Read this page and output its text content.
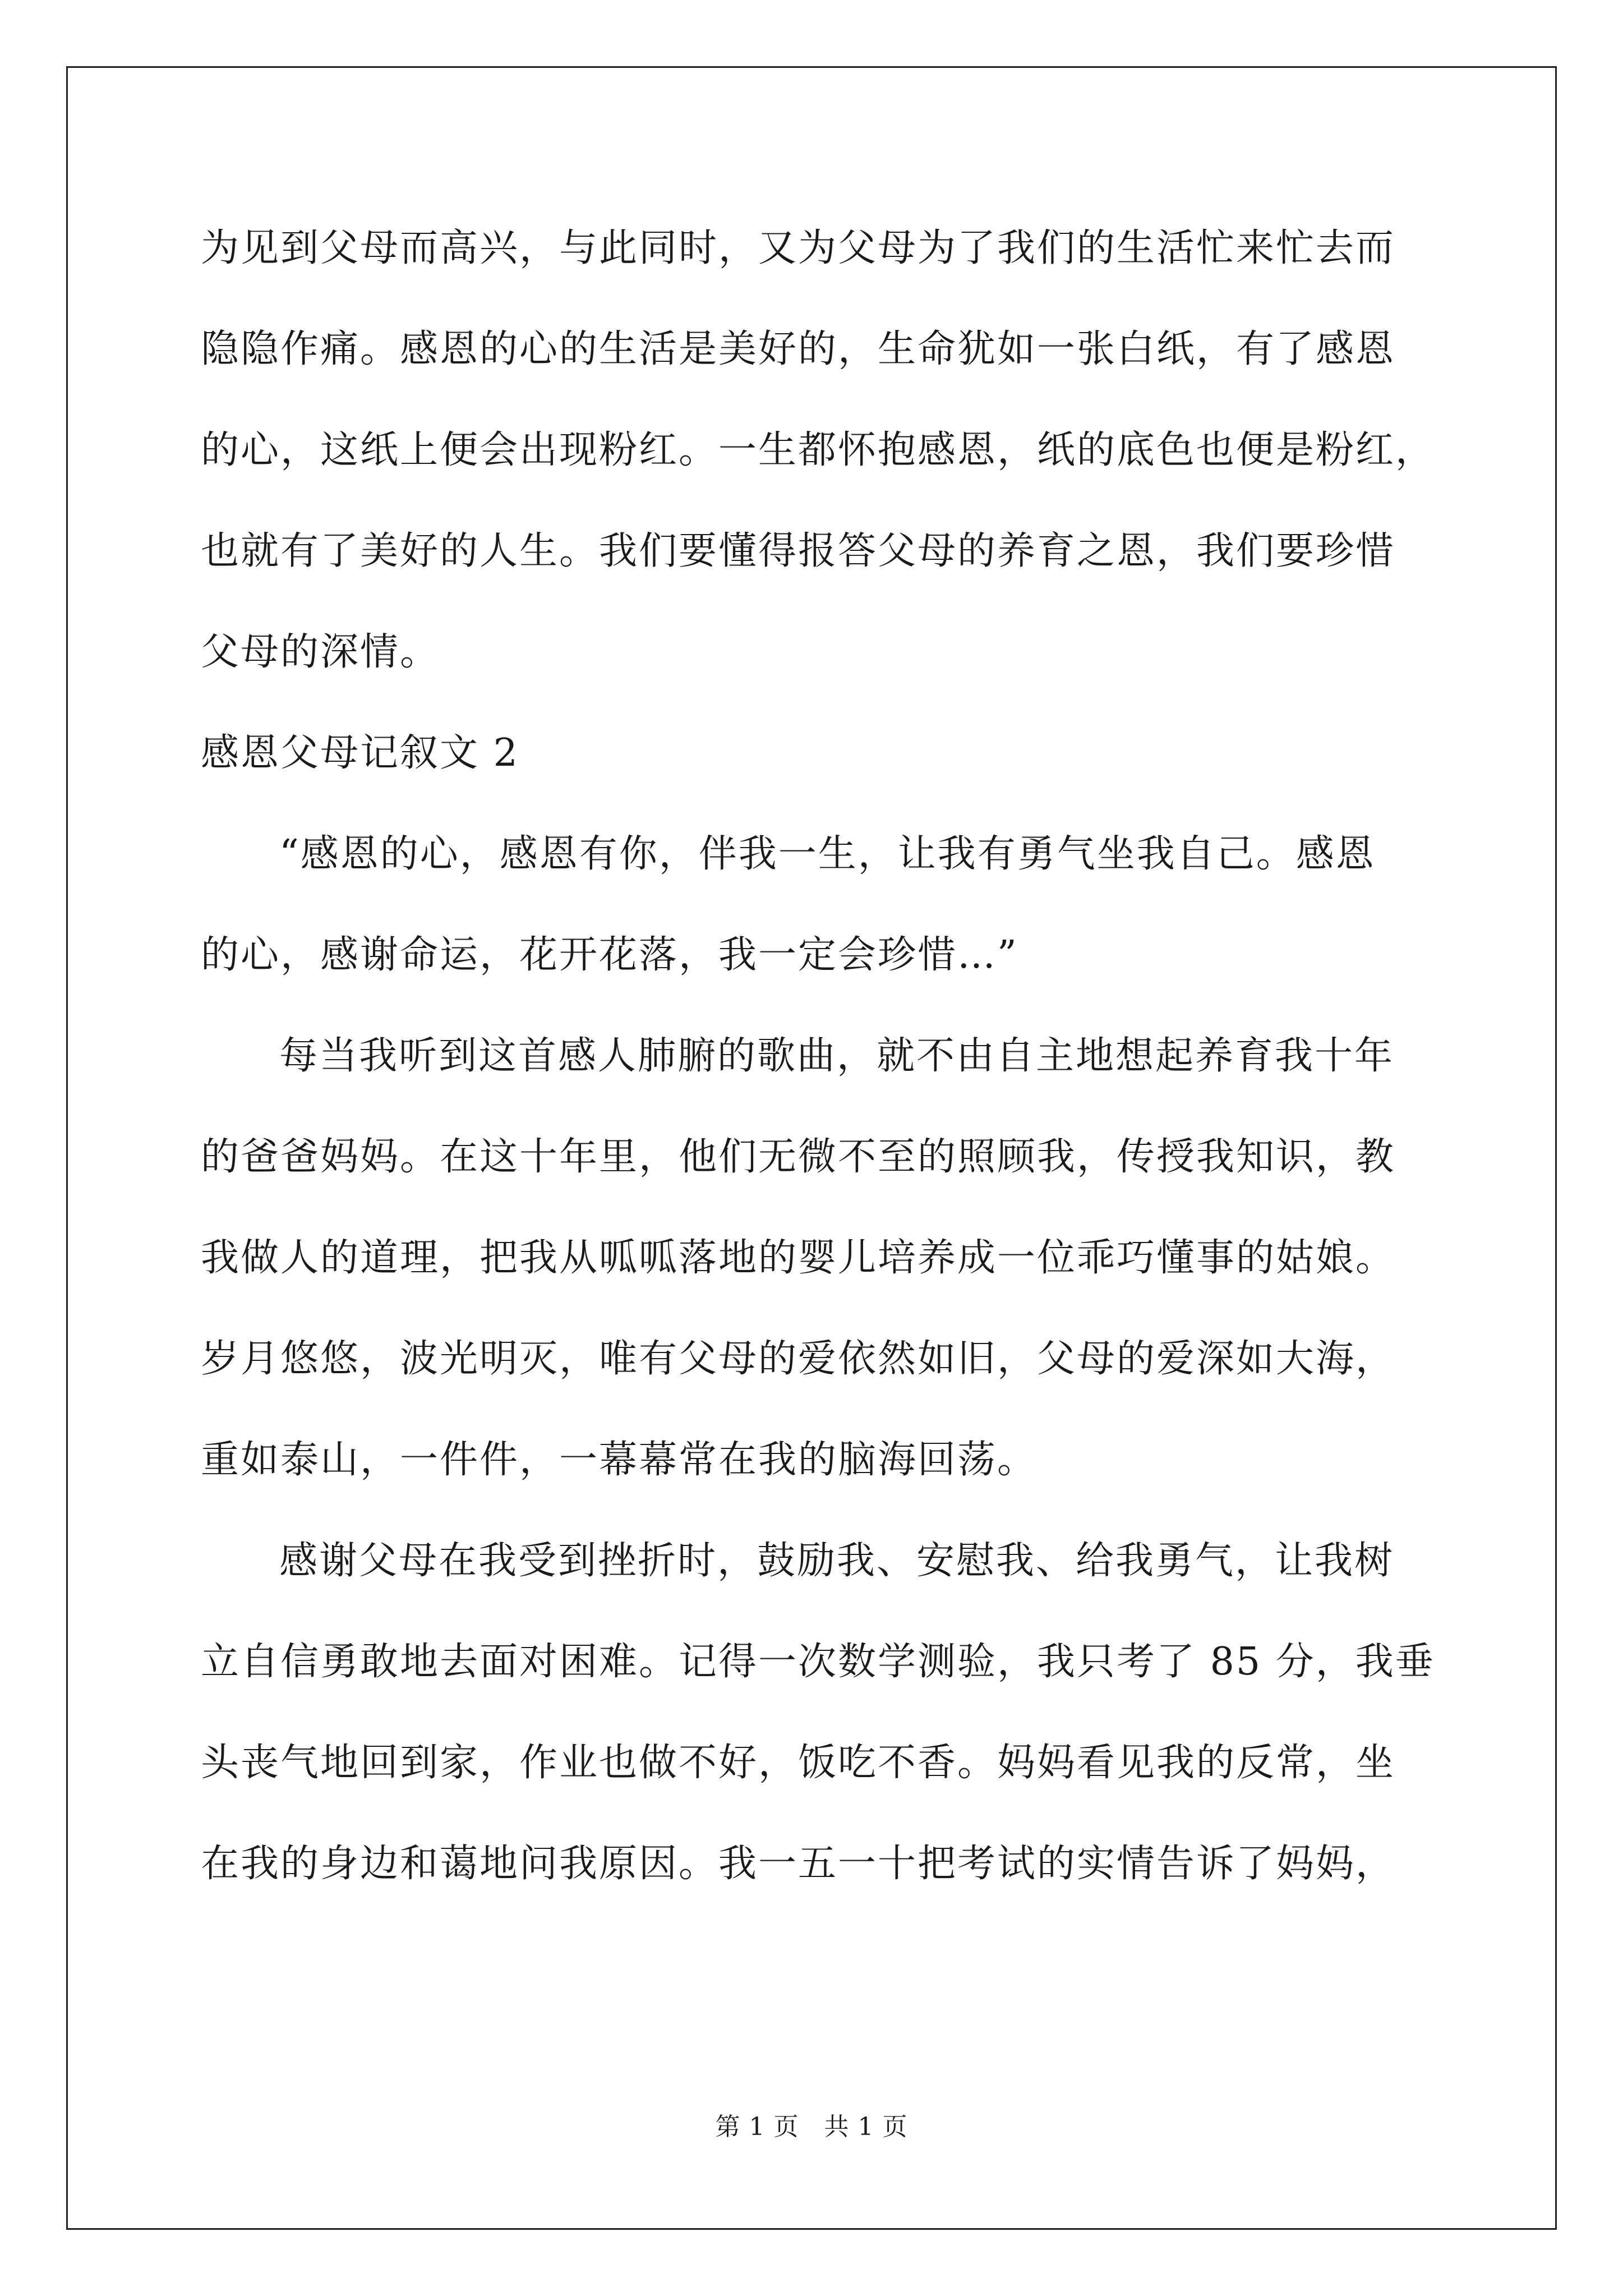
为见到父母而高兴，与此同时，又为父母为了我们的生活忙来忙去而
隐隐作痛。感恩的心的生活是美好的，生命犹如一张白纸，有了感恩
的心，这纸上便会出现粉红。一生都怀抱感恩，纸的底色也便是粉红，
也就有了美好的人生。我们要懂得报答父母的养育之恩，我们要珍惜
父母的深情。
感恩父母记叙文 2
“感恩的心，感恩有你，伴我一生，让我有勇气坐我自己。感恩
的心，感谢命运，花开花落，我一定会珍惜…”
每当我听到这首感人肺腑的歌曲，就不由自主地想起养育我十年
的爸爸妈妈。在这十年里，他们无微不至的照顾我，传授我知识，教
我做人的道理，把我从呱呱落地的婴儿培养成一位乖巧懂事的姑娘。
岁月悠悠，波光明灭，唯有父母的爱依然如旧，父母的爱深如大海，
重如泰山，一件件，一幕幕常在我的脑海回荡。
感谢父母在我受到挫折时，鼓励我、安慰我、给我勇气，让我树
立自信勇敢地去面对困难。记得一次数学测验，我只考了 85 分，我垂
头丧气地回到家，作业也做不好，饭吃不香。妈妈看见我的反常，坐
在我的身边和蔼地问我原因。我一五一十把考试的实情告诉了妈妈，
第 1 页   共 1 页
